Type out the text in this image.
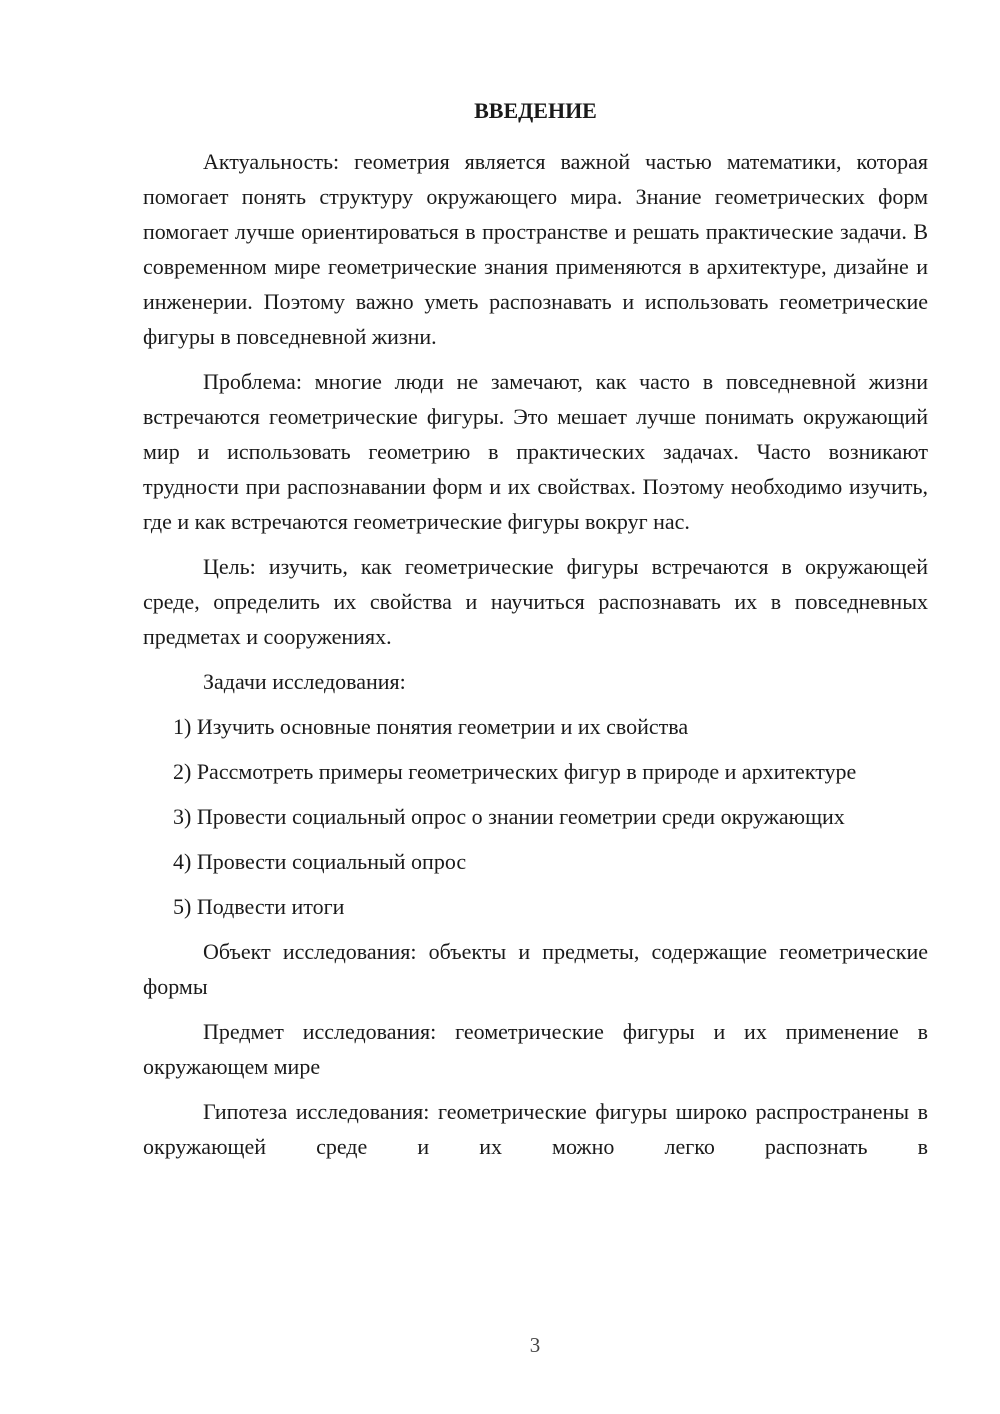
ВВЕДЕНИЕ

Актуальность: геометрия является важной частью математики, которая помогает понять структуру окружающего мира. Знание геометрических форм помогает лучше ориентироваться в пространстве и решать практические задачи. В современном мире геометрические знания применяются в архитектуре, дизайне и инженерии. Поэтому важно уметь распознавать и использовать геометрические фигуры в повседневной жизни.

Проблема: многие люди не замечают, как часто в повседневной жизни встречаются геометрические фигуры. Это мешает лучше понимать окружающий мир и использовать геометрию в практических задачах. Часто возникают трудности при распознавании форм и их свойствах. Поэтому необходимо изучить, где и как встречаются геометрические фигуры вокруг нас.

Цель: изучить, как геометрические фигуры встречаются в окружающей среде, определить их свойства и научиться распознавать их в повседневных предметах и сооружениях.

Задачи исследования:

1) Изучить основные понятия геометрии и их свойства

2) Рассмотреть примеры геометрических фигур в природе и архитектуре

3) Провести социальный опрос о знании геометрии среди окружающих

4) Провести социальный опрос

5) Подвести итоги

Объект исследования: объекты и предметы, содержащие геометрические формы

Предмет исследования: геометрические фигуры и их применение в окружающем мире

Гипотеза исследования: геометрические фигуры широко распространены в окружающей среде и их можно легко распознать в

3
